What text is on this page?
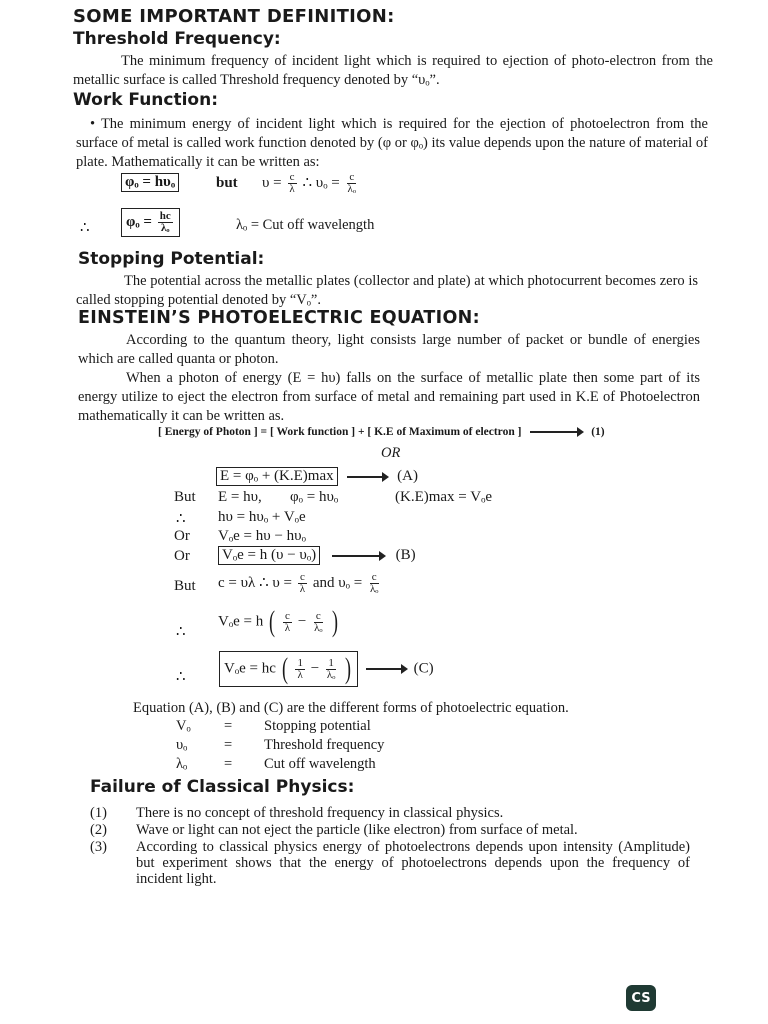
SOME IMPORTANT DEFINITION:
Threshold Frequency:
The minimum frequency of incident light which is required to ejection of photo-electron from the metallic surface is called Threshold frequency denoted by “υₒ”.
Work Function:
• The minimum energy of incident light which is required for the ejection of photoelectron from the surface of metal is called work function denoted by (φ or φₒ) its value depends upon the nature of material of plate. Mathematically it can be written as:
φₒ = hυₒ	but $\upsilon = \frac{c}{\lambda}$ ∴ $\upsilon_o = \frac{c}{\text{λₒ}}$
∴	$\varphi_o = \frac{hc}{\text{λₒ}}$	λₒ = Cut off wavelength
Stopping Potential:
The potential across the metallic plates (collector and plate) at which photocurrent becomes zero is called stopping potential denoted by “Vₒ”.
EINSTEIN’S PHOTOELECTRIC EQUATION:
According to the quantum theory, light consists large number of packet or bundle of energies which are called quanta or photon.
When a photon of energy (E = hυ) falls on the surface of metallic plate then some part of its energy utilize to eject the electron from surface of metal and remaining part used in K.E of Photoelectron mathematically it can be written as.
[ Energy of Photon ] = [ Work function ] + [ K.E of Maximum of electron ]	(1)
OR
E = φₒ + (K.E)max	(A)
But E = hυ, φₒ = hυₒ	(K.E)max = Vₒe
∴ hυ = hυₒ + Vₒe
Or Vₒe = hυ − hυₒ
Or Vₒe = h (υ − υₒ)	(B)
But c = υλ ∴ $\upsilon = \frac{c}{\lambda}$ and $\upsilon_o = \frac{c}{\text{λₒ}}$
∴
Vₒe = h ( $\frac{c}{\lambda} - \frac{c}{\text{λₒ}}$ )
∴
Vₒe = hc ( $\frac{1}{\lambda} - \frac{1}{\text{λₒ}}$ )	(C)
Equation (A), (B) and (C) are the different forms of photoelectric equation.
Vₒ	=	Stopping potential
υₒ	=	Threshold frequency
λₒ	=	Cut off wavelength
Failure of Classical Physics:
(1)	There is no concept of threshold frequency in classical physics.
(2)	Wave or light can not eject the particle (like electron) from surface of metal.
(3)	According to classical physics energy of photoelectrons depends upon intensity (Amplitude) but experiment shows that the energy of photoelectrons depends upon the frequency of incident light.
CS
